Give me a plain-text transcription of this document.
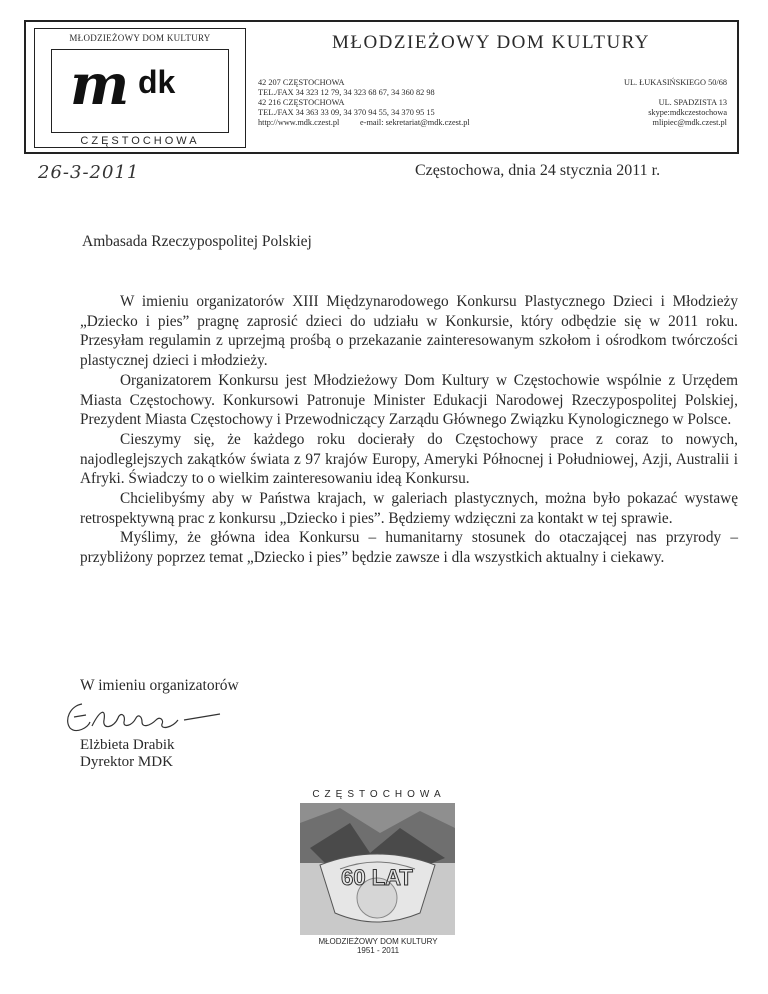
MŁODZIEŻOWY DOM KULTURY
m dk
CZĘSTOCHOWA
MŁODZIEŻOWY DOM KULTURY
42 207 CZĘSTOCHOWA
TEL./FAX 34 323 12 79, 34 323 68 67, 34 360 82 98
42 216 CZĘSTOCHOWA
TEL./FAX 34 363 33 09, 34 370 94 55, 34 370 95 15
http://www.mdk.czest.pl          e-mail: sekretariat@mdk.czest.pl
UL. ŁUKASIŃSKIEGO 50/68
UL. SPADZISTA 13
skype:mdkczestochowa
mlipiec@mdk.czest.pl
26-3-2011	Częstochowa, dnia 24 stycznia 2011 r.
Ambasada Rzeczypospolitej Polskiej

W imieniu organizatorów XIII Międzynarodowego Konkursu Plastycznego Dzieci i Młodzieży „Dziecko i pies” pragnę zaprosić dzieci do udziału w Konkursie, który odbędzie się w 2011 roku. Przesyłam regulamin z uprzejmą prośbą o przekazanie zainteresowanym szkołom i ośrodkom twórczości plastycznej dzieci i młodzieży.

Organizatorem Konkursu jest Młodzieżowy Dom Kultury w Częstochowie wspólnie z Urzędem Miasta Częstochowy. Konkursowi Patronuje Minister Edukacji Narodowej Rzeczypospolitej Polskiej, Prezydent Miasta Częstochowy i Przewodniczący Zarządu Głównego Związku Kynologicznego w Polsce.

Cieszymy się, że każdego roku docierały do Częstochowy prace z coraz to nowych, najodleglejszych zakątków świata z 97 krajów Europy, Ameryki Północnej i Południowej, Azji, Australii i Afryki. Świadczy to o wielkim zainteresowaniu ideą Konkursu.

Chcielibyśmy aby w Państwa krajach, w galeriach plastycznych, można było pokazać wystawę retrospektywną prac z konkursu „Dziecko i pies”. Będziemy wdzięczni za kontakt w tej sprawie.

Myślimy, że główna idea Konkursu – humanitarny stosunek do otaczającej nas przyrody – przybliżony poprzez temat „Dziecko i pies” będzie zawsze i dla wszystkich aktualny i ciekawy.

W imieniu organizatorów
Elżbieta Drabik
Dyrektor MDK
CZĘSTOCHOWA
60 LAT
MŁODZIEŻOWY DOM KULTURY
1951 - 2011
